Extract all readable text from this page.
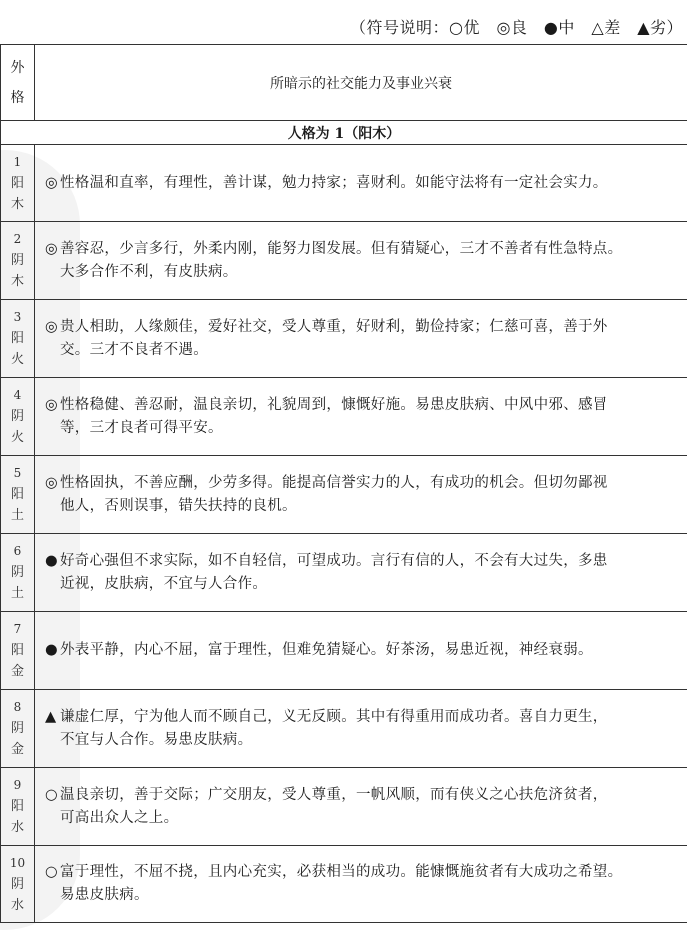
（符号说明：○优　◎良　●中　△差　▲劣）
外
格	所暗示的社交能力及事业兴衰
人格为 1（阳木）	

1
阳
木	◎ 性格温和直率，有理性，善计谋，勉力持家；喜财利。如能守法将有一定社会实力。

2
阴
木	◎ 善容忍，少言多行，外柔内刚，能努力图发展。但有猜疑心，三才不善者有性急特点。
大多合作不利，有皮肤病。

3
阳
火	◎ 贵人相助，人缘颇佳，爱好社交，受人尊重，好财利，勤俭持家；仁慈可喜，善于外
交。三才不良者不遇。

4
阴
火	◎ 性格稳健、善忍耐，温良亲切，礼貌周到，慷慨好施。易患皮肤病、中风中邪、感冒
等，三才良者可得平安。

5
阳
土	◎ 性格固执，不善应酬，少劳多得。能提高信誉实力的人，有成功的机会。但切勿鄙视
他人，否则误事，错失扶持的良机。

6
阴
土	● 好奇心强但不求实际，如不自轻信，可望成功。言行有信的人，不会有大过失，多患
近视，皮肤病，不宜与人合作。

7
阳
金	● 外表平静，内心不屈，富于理性，但难免猜疑心。好茶汤，易患近视，神经衰弱。

8
阴
金	▲ 谦虚仁厚，宁为他人而不顾自己，义无反顾。其中有得重用而成功者。喜自力更生，
不宜与人合作。易患皮肤病。

9
阳
水	○ 温良亲切，善于交际；广交朋友，受人尊重，一帆风顺，而有侠义之心扶危济贫者，
可高出众人之上。

10
阴
水	○ 富于理性，不屈不挠，且内心充实，必获相当的成功。能慷慨施贫者有大成功之希望。
易患皮肤病。
